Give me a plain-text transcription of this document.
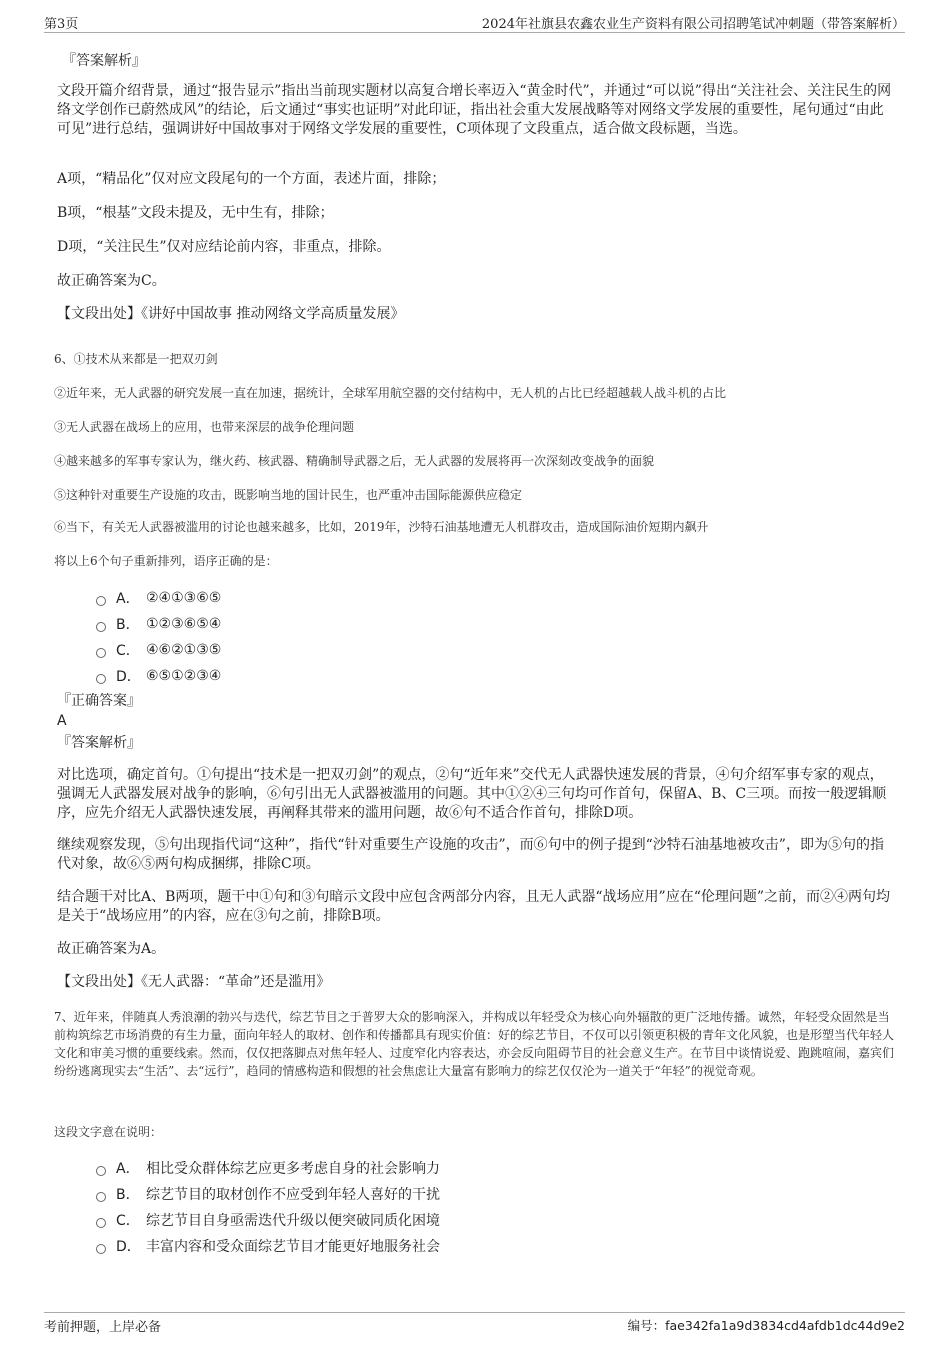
第3页	2024年社旗县农鑫农业生产资料有限公司招聘笔试冲刺题（带答案解析）
『答案解析』
文段开篇介绍背景，通过“报告显示”指出当前现实题材以高复合增长率迈入“黄金时代”，并通过“可以说”得出“关注社会、关注民生的网络文学创作已蔚然成风”的结论，后文通过“事实也证明”对此印证，指出社会重大发展战略等对网络文学发展的重要性，尾句通过“由此可见”进行总结，强调讲好中国故事对于网络文学发展的重要性，C项体现了文段重点，适合做文段标题，当选。
A项，“精品化”仅对应文段尾句的一个方面，表述片面，排除；
B项，“根基”文段未提及，无中生有，排除；
D项，“关注民生”仅对应结论前内容，非重点，排除。
故正确答案为C。
【文段出处】《讲好中国故事 推动网络文学高质量发展》
6、①技术从来都是一把双刃剑
②近年来，无人武器的研究发展一直在加速，据统计，全球军用航空器的交付结构中，无人机的占比已经超越载人战斗机的占比
③无人武器在战场上的应用，也带来深层的战争伦理问题
④越来越多的军事专家认为，继火药、核武器、精确制导武器之后，无人武器的发展将再一次深刻改变战争的面貌
⑤这种针对重要生产设施的攻击，既影响当地的国计民生，也严重冲击国际能源供应稳定
⑥当下，有关无人武器被滥用的讨论也越来越多，比如，2019年，沙特石油基地遭无人机群攻击，造成国际油价短期内飙升
将以上6个句子重新排列，语序正确的是：
A． ②④①③⑥⑤
B． ①②③⑥⑤④
C． ④⑥②①③⑤
D． ⑥⑤①②③④
『正确答案』
A
『答案解析』
对比选项，确定首句。①句提出“技术是一把双刃剑”的观点，②句“近年来”交代无人武器快速发展的背景，④句介绍军事专家的观点，强调无人武器发展对战争的影响，⑥句引出无人武器被滥用的问题。其中①②④三句均可作首句，保留A、B、C三项。而按一般逻辑顺序，应先介绍无人武器快速发展，再阐释其带来的滥用问题，故⑥句不适合作首句，排除D项。
继续观察发现，⑤句出现指代词“这种”，指代“针对重要生产设施的攻击”，而⑥句中的例子提到“沙特石油基地被攻击”，即为⑤句的指代对象，故⑥⑤两句构成捆绑，排除C项。
结合题干对比A、B两项，题干中①句和③句暗示文段中应包含两部分内容，且无人武器“战场应用”应在“伦理问题”之前，而②④两句均是关于“战场应用”的内容，应在③句之前，排除B项。
故正确答案为A。
【文段出处】《无人武器：“革命”还是滥用》
7、近年来，伴随真人秀浪潮的勃兴与迭代，综艺节目之于普罗大众的影响深入，并构成以年轻受众为核心向外辐散的更广泛地传播。诚然，年轻受众固然是当前构筑综艺市场消费的有生力量，面向年轻人的取材、创作和传播都具有现实价值：好的综艺节目，不仅可以引领更积极的青年文化风貌，也是形塑当代年轻人文化和审美习惯的重要线索。然而，仅仅把落脚点对焦年轻人、过度窄化内容表达，亦会反向阻碍节目的社会意义生产。在节目中谈情说爱、跑跳喧闹，嘉宾们纷纷逃离现实去“生活”、去“远行”，趋同的情感构造和假想的社会焦虑让大量富有影响力的综艺仅仅沦为一道关于“年轻”的视觉奇观。
这段文字意在说明：
A． 相比受众群体综艺应更多考虑自身的社会影响力
B． 综艺节目的取材创作不应受到年轻人喜好的干扰
C． 综艺节目自身亟需迭代升级以便突破同质化困境
D． 丰富内容和受众面综艺节目才能更好地服务社会
考前押题，上岸必备	编号：fae342fa1a9d3834cd4afdb1dc44d9e2
